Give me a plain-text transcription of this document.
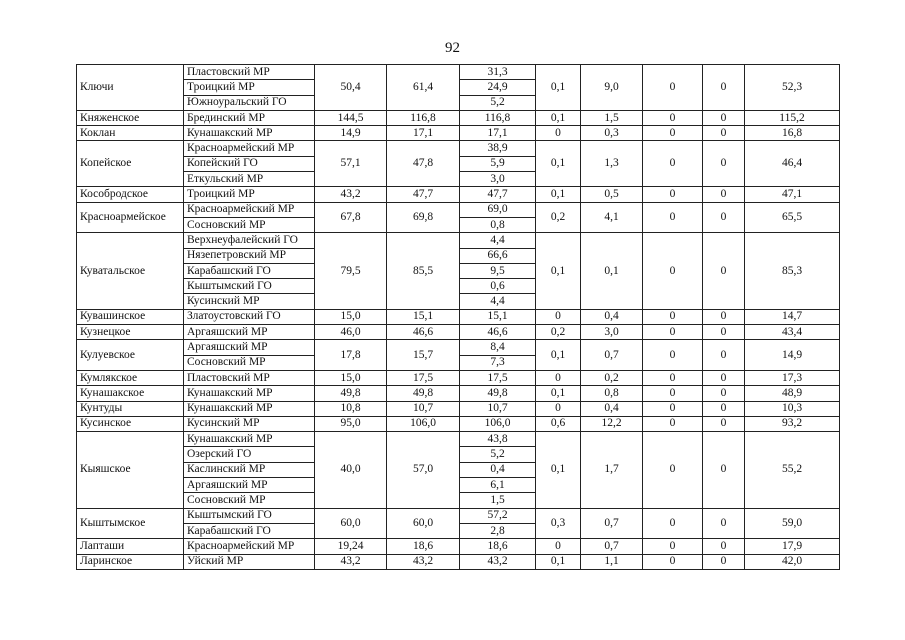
92
Ключи	Пластовский МР	50,4	61,4	31,3	0,1	9,0	0	0	52,3
	Троицкий МР			24,9					
	Южноуральский ГО			5,2					
Княженское	Брединский МР	144,5	116,8	116,8	0,1	1,5	0	0	115,2
Коклан	Кунашакский МР	14,9	17,1	17,1	0	0,3	0	0	16,8
Копейское	Красноармейский МР	57,1	47,8	38,9	0,1	1,3	0	0	46,4
	Копейский ГО			5,9					
	Еткульский МР			3,0					
Кособродское	Троицкий МР	43,2	47,7	47,7	0,1	0,5	0	0	47,1
Красноармейское	Красноармейский МР	67,8	69,8	69,0	0,2	4,1	0	0	65,5
	Сосновский МР			0,8					
Куватальское	Верхнеуфалейский ГО	79,5	85,5	4,4	0,1	0,1	0	0	85,3
	Нязепетровский МР			66,6					
	Карабашский ГО			9,5					
	Кыштымский ГО			0,6					
	Кусинский МР			4,4					
Кувашинское	Златоустовский ГО	15,0	15,1	15,1	0	0,4	0	0	14,7
Кузнецкое	Аргаяшский МР	46,0	46,6	46,6	0,2	3,0	0	0	43,4
Кулуевское	Аргаяшский МР	17,8	15,7	8,4	0,1	0,7	0	0	14,9
	Сосновский МР			7,3					
Кумлякское	Пластовский МР	15,0	17,5	17,5	0	0,2	0	0	17,3
Кунашакское	Кунашакский МР	49,8	49,8	49,8	0,1	0,8	0	0	48,9
Кунтуды	Кунашакский МР	10,8	10,7	10,7	0	0,4	0	0	10,3
Кусинское	Кусинский МР	95,0	106,0	106,0	0,6	12,2	0	0	93,2
Кыяшское	Кунашакский МР	40,0	57,0	43,8	0,1	1,7	0	0	55,2
	Озерский ГО			5,2					
	Каслинский МР			0,4					
	Аргаяшский МР			6,1					
	Сосновский МР			1,5					
Кыштымское	Кыштымский ГО	60,0	60,0	57,2	0,3	0,7	0	0	59,0
	Карабашский ГО			2,8					
Лапташи	Красноармейский МР	19,24	18,6	18,6	0	0,7	0	0	17,9
Ларинское	Уйский МР	43,2	43,2	43,2	0,1	1,1	0	0	42,0
